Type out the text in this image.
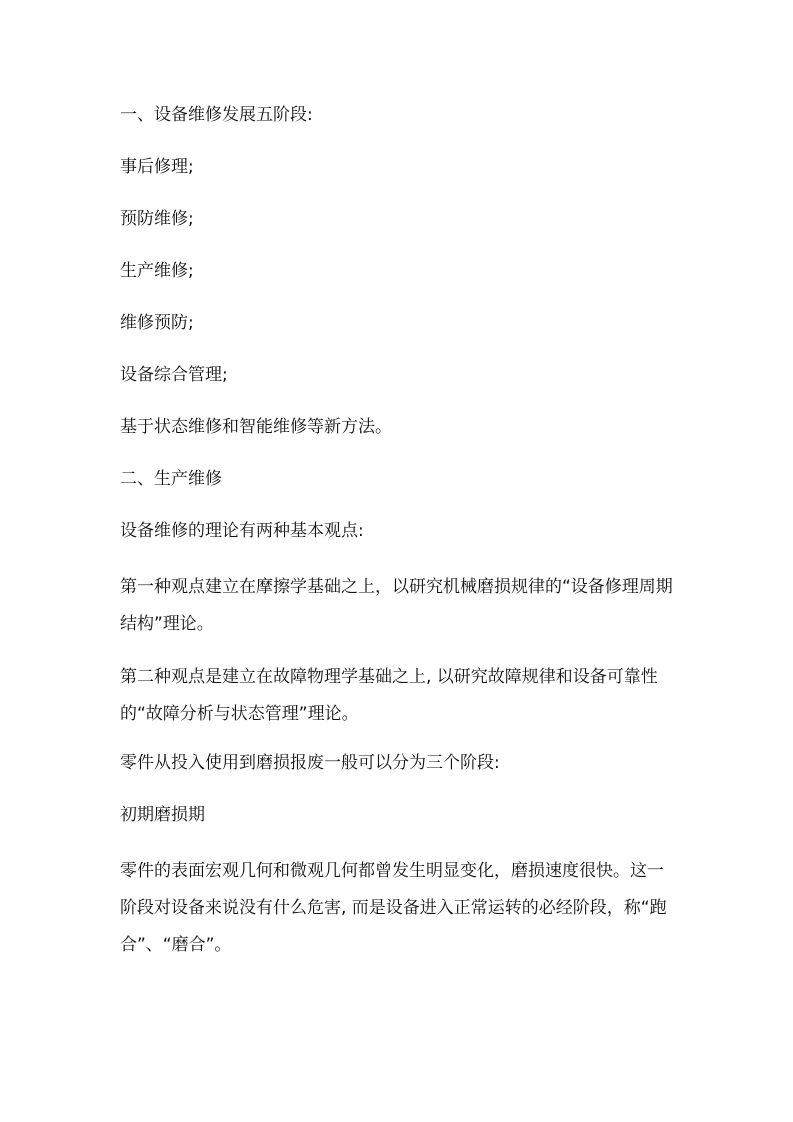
一、设备维修发展五阶段:

事后修理;

预防维修;

生产维修;

维修预防;

设备综合管理;

基于状态维修和智能维修等新方法。

二、生产维修

设备维修的理论有两种基本观点:

第一种观点建立在摩擦学基础之上，以研究机械磨损规律的“设备修理周期结构”理论。

第二种观点是建立在故障物理学基础之上, 以研究故障规律和设备可靠性的“故障分析与状态管理”理论。

零件从投入使用到磨损报废一般可以分为三个阶段:

初期磨损期

零件的表面宏观几何和微观几何都曾发生明显变化，磨损速度很快。这一阶段对设备来说没有什么危害, 而是设备进入正常运转的必经阶段，称“跑合”、“磨合”。
